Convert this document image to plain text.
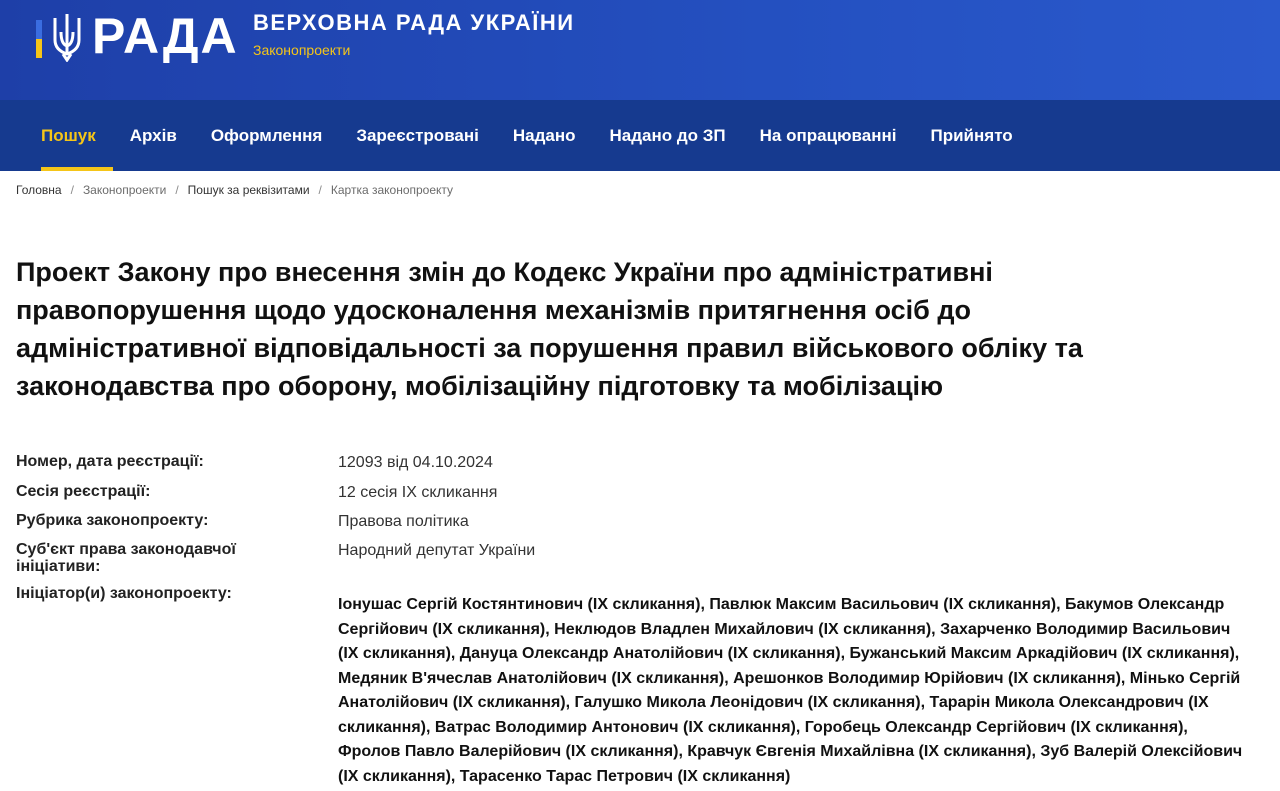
РАДА ВЕРХОВНА РАДА УКРАЇНИ
Законопроекти
Пошук	Архів	Оформлення	Зареєстровані	Надано	Надано до ЗП	На опрацюванні	Прийнято
Головна / Законопроекти / Пошук за реквізитами / Картка законопроекту
Проект Закону про внесення змін до Кодекс України про адміністративні правопорушення щодо удосконалення механізмів притягнення осіб до адміністративної відповідальності за порушення правил військового обліку та законодавства про оборону, мобілізаційну підготовку та мобілізацію
Номер, дата реєстрації:	12093 від 04.10.2024
Сесія реєстрації:	12 сесія IX скликання
Рубрика законопроекту:	Правова політика
Суб'єкт права законодавчої ініціативи:
Народний депутат України
Ініціатор(и) законопроекту:
Іонушас Сергій Костянтинович (IX скликання), Павлюк Максим Васильович (IX скликання), Бакумов Олександр Сергійович (IX скликання), Неклюдов Владлен Михайлович (IX скликання), Захарченко Володимир Васильович (IX скликання), Дануца Олександр Анатолійович (IX скликання), Бужанський Максим Аркадійович (IX скликання), Медяник В'ячеслав Анатолійович (IX скликання), Арешонков Володимир Юрійович (IX скликання), Мінько Сергій Анатолійович (IX скликання), Галушко Микола Леонідович (IX скликання), Тарарін Микола Олександрович (IX скликання), Ватрас Володимир Антонович (IX скликання), Горобець Олександр Сергійович (IX скликання), Фролов Павло Валерійович (IX скликання), Кравчук Євгенія Михайлівна (IX скликання), Зуб Валерій Олексійович (IX скликання), Тарасенко Тарас Петрович (IX скликання)
